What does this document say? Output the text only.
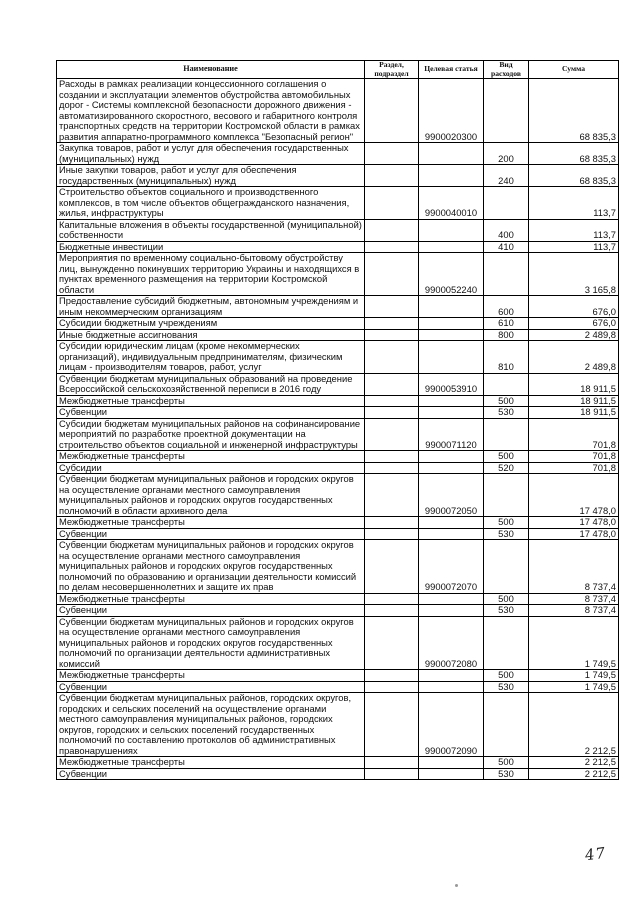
Наименование	Раздел, подраздел	Целевая статья	Вид расходов	Сумма
Расходы в рамках реализации концессионного соглашения о создании и эксплуатации элементов обустройства автомобильных дорог - Системы комплексной безопасности дорожного движения - автоматизированного скоростного, весового и габаритного контроля транспортных средств на территории Костромской области в рамках развития аппаратно-программного комплекса "Безопасный регион"		9900020300		68 835,3
Закупка товаров, работ и услуг для обеспечения государственных (муниципальных) нужд			200	68 835,3
Иные закупки товаров, работ и услуг для обеспечения государственных (муниципальных) нужд			240	68 835,3
Строительство объектов социального и производственного комплексов, в том числе объектов общегражданского назначения, жилья, инфраструктуры		9900040010		113,7
Капитальные вложения в объекты государственной (муниципальной) собственности			400	113,7
Бюджетные инвестиции			410	113,7
Мероприятия по временному социально-бытовому обустройству лиц, вынужденно покинувших территорию Украины и находящихся в пунктах временного размещения на территории Костромской области		9900052240		3 165,8
Предоставление субсидий бюджетным, автономным учреждениям и иным некоммерческим организациям			600	676,0
Субсидии бюджетным учреждениям			610	676,0
Иные бюджетные ассигнования			800	2 489,8
Субсидии юридическим лицам (кроме некоммерческих организаций), индивидуальным предпринимателям, физическим лицам - производителям товаров, работ, услуг			810	2 489,8
Субвенции бюджетам муниципальных образований на проведение Всероссийской сельскохозяйственной переписи в 2016 году		9900053910		18 911,5
Межбюджетные трансферты			500	18 911,5
Субвенции			530	18 911,5
Субсидии бюджетам муниципальных районов на софинансирование мероприятий по разработке проектной документации на строительство объектов социальной и инженерной инфраструктуры		9900071120		701,8
Межбюджетные трансферты			500	701,8
Субсидии			520	701,8
Субвенции бюджетам муниципальных районов и городских округов на осуществление органами местного самоуправления муниципальных районов и городских округов государственных полномочий в области архивного дела		9900072050		17 478,0
Межбюджетные трансферты			500	17 478,0
Субвенции			530	17 478,0
Субвенции бюджетам муниципальных районов и городских округов на осуществление органами местного самоуправления муниципальных районов и городских округов государственных полномочий по образованию и организации деятельности комиссий по делам несовершеннолетних и защите их прав		9900072070		8 737,4
Межбюджетные трансферты			500	8 737,4
Субвенции			530	8 737,4
Субвенции бюджетам муниципальных районов и городских округов на осуществление органами местного самоуправления муниципальных районов и городских округов государственных полномочий по организации деятельности административных комиссий		9900072080		1 749,5
Межбюджетные трансферты			500	1 749,5
Субвенции			530	1 749,5
Субвенции бюджетам муниципальных районов, городских округов, городских и сельских поселений на осуществление органами местного самоуправления муниципальных районов, городских округов, городских и сельских поселений государственных полномочий по составлению протоколов об административных правонарушениях		9900072090		2 212,5
Межбюджетные трансферты			500	2 212,5
Субвенции			530	2 212,5
47
